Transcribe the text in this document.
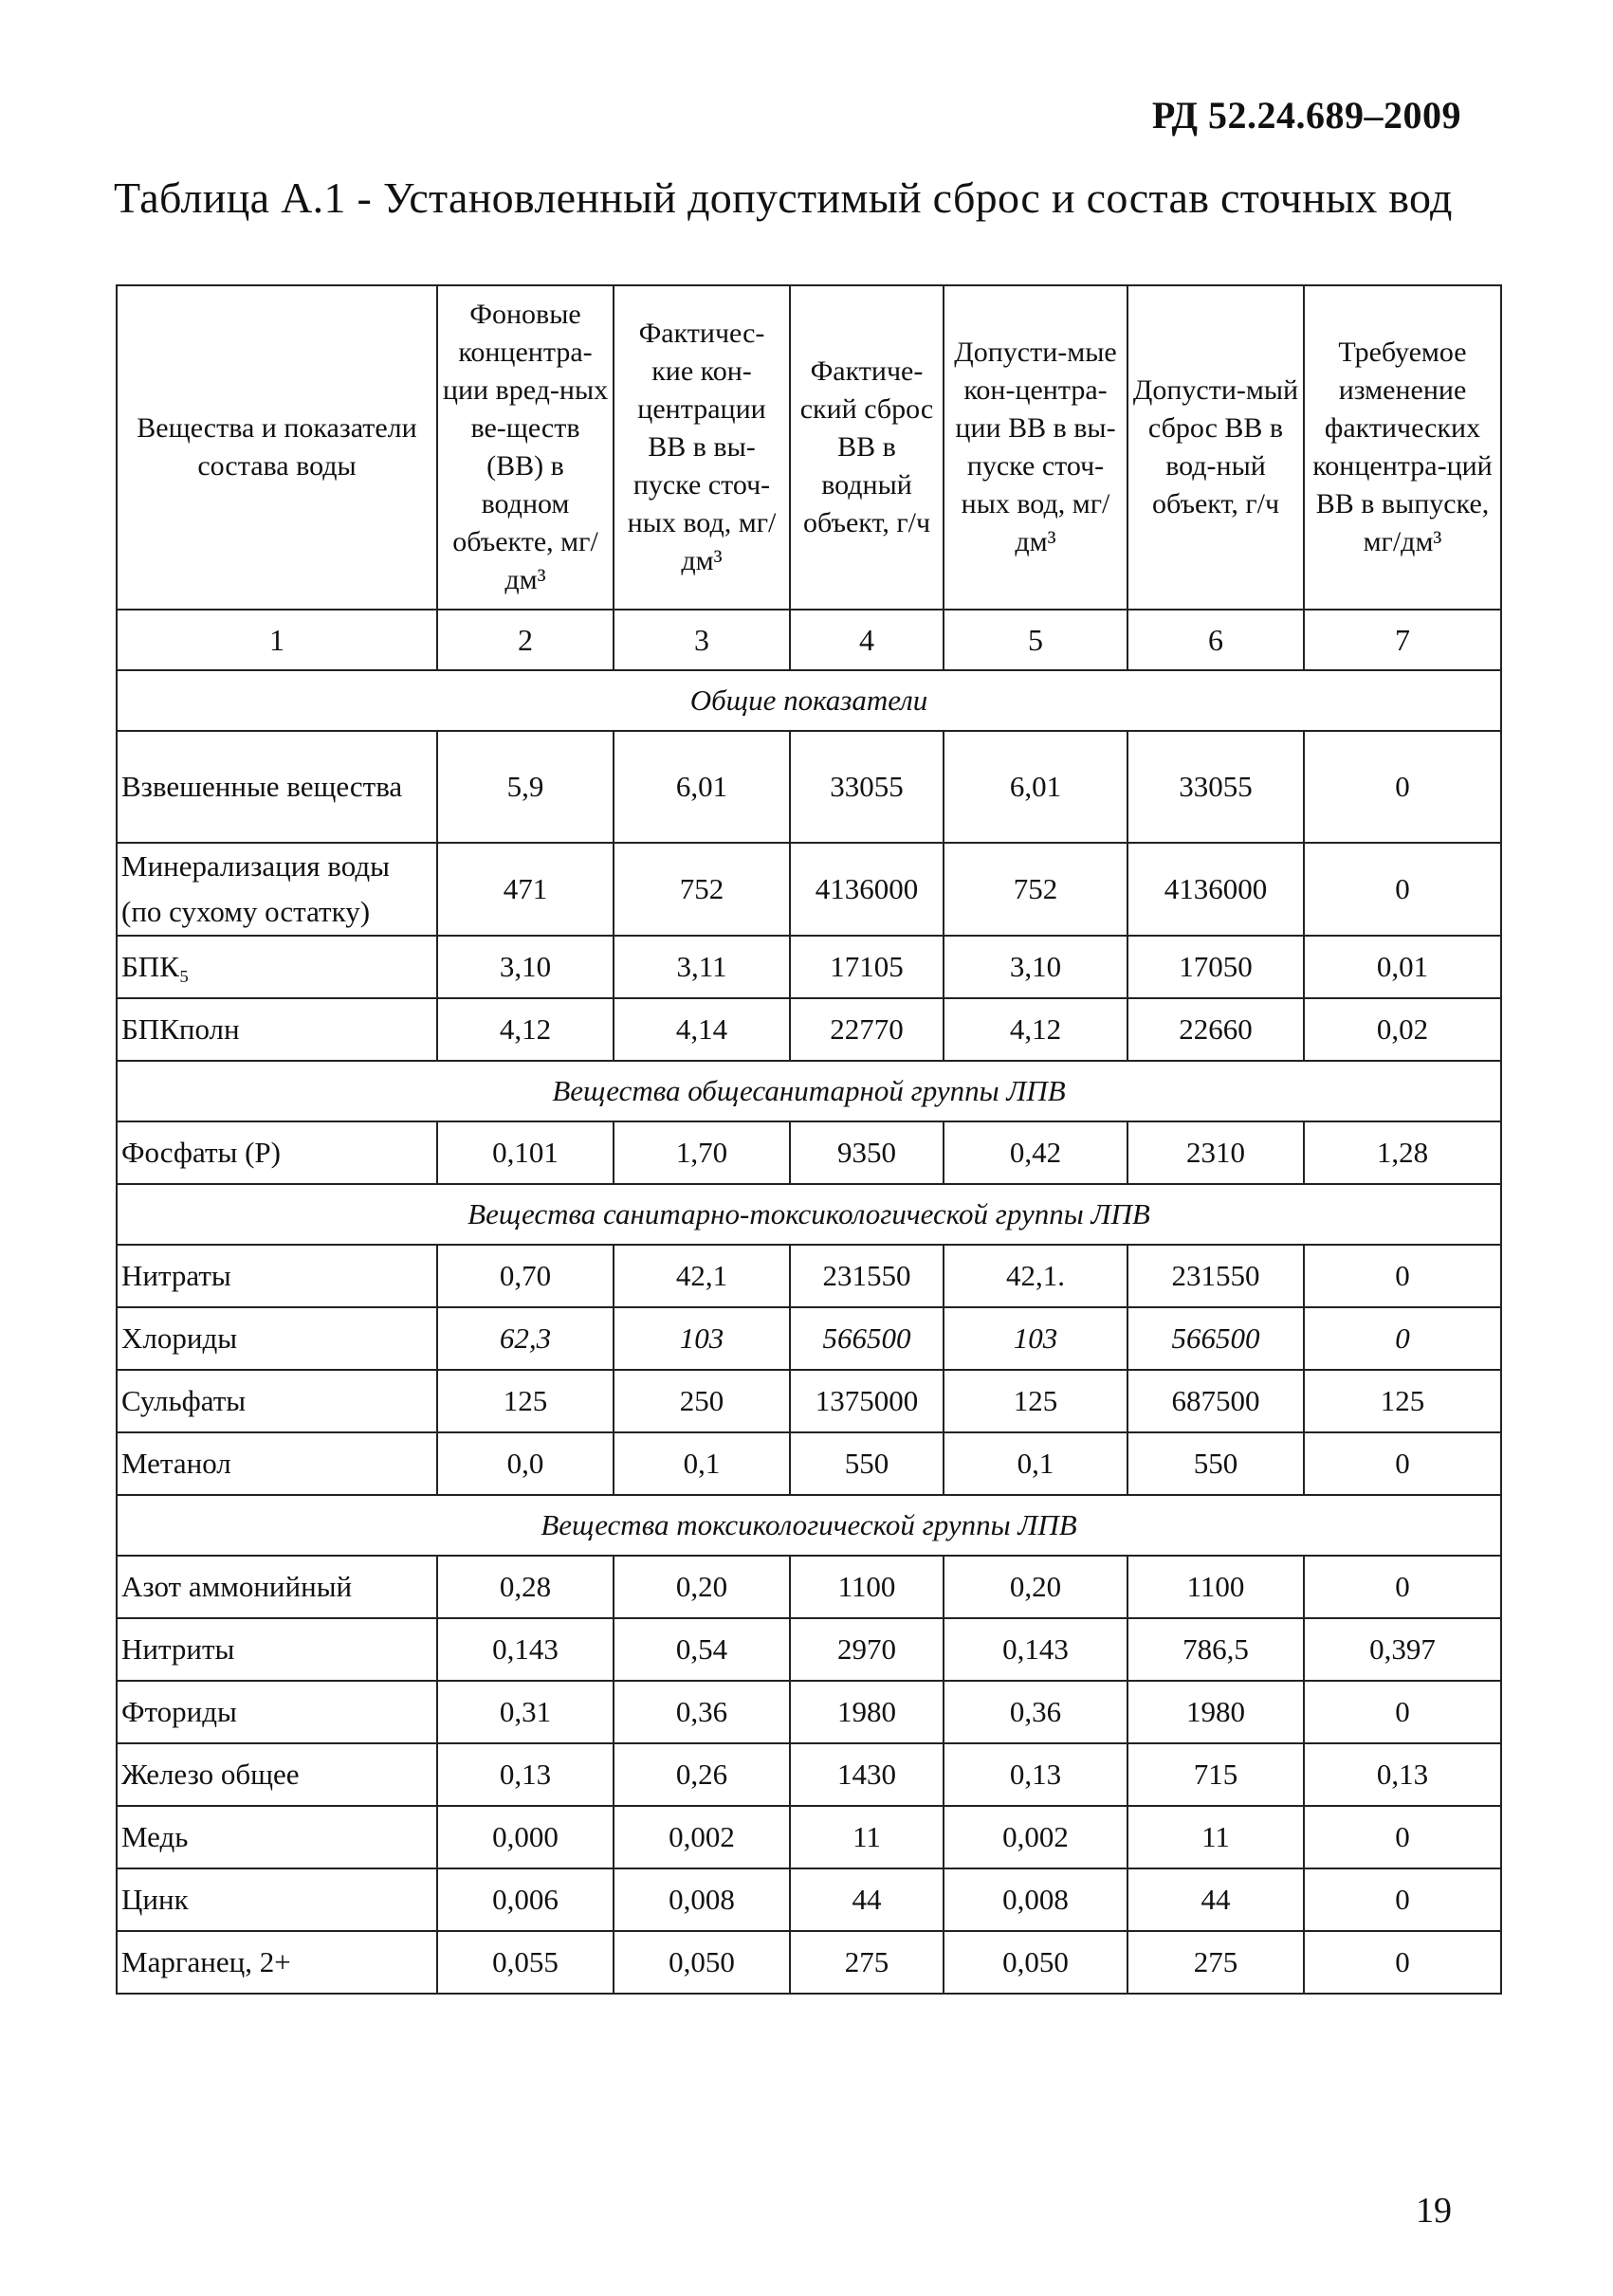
РД 52.24.689–2009
Таблица А.1 - Установленный допустимый сброс и состав сточных вод
Вещества и показатели состава воды	Фоновые концентра-ции вред-ных ве-ществ (ВВ) в водном объекте, мг/дм³	Фактичес-кие кон-центрации ВВ в вы-пуске сточ-ных вод, мг/дм³	Фактиче-ский сброс ВВ в водный объект, г/ч	Допусти-мые кон-центра-ции ВВ в вы-пуске сточ-ных вод, мг/дм³	Допусти-мый сброс ВВ в вод-ный объект, г/ч	Требуемое изменение фактических концентра-ций ВВ в выпуске, мг/дм³
1	2	3	4	5	6	7
Общие показатели						
Взвешенные вещества	5,9	6,01	33055	6,01	33055	0
Минерализация воды (по сухому остатку)	471	752	4136000	752	4136000	0
БПК₅	3,10	3,11	17105	3,10	17050	0,01
БПКполн	4,12	4,14	22770	4,12	22660	0,02
Вещества общесанитарной группы ЛПВ						
Фосфаты (Р)	0,101	1,70	9350	0,42	2310	1,28
Вещества санитарно-токсикологической группы ЛПВ						
Нитраты	0,70	42,1	231550	42,1.	231550	0
Хлориды	62,3	103	566500	103	566500	0
Сульфаты	125	250	1375000	125	687500	125
Метанол	0,0	0,1	550	0,1	550	0
Вещества токсикологической группы ЛПВ						
Азот аммонийный	0,28	0,20	1100	0,20	1100	0
Нитриты	0,143	0,54	2970	0,143	786,5	0,397
Фториды	0,31	0,36	1980	0,36	1980	0
Железо общее	0,13	0,26	1430	0,13	715	0,13
Медь	0,000	0,002	11	0,002	11	0
Цинк	0,006	0,008	44	0,008	44	0
Марганец, 2+	0,055	0,050	275	0,050	275	0
19
